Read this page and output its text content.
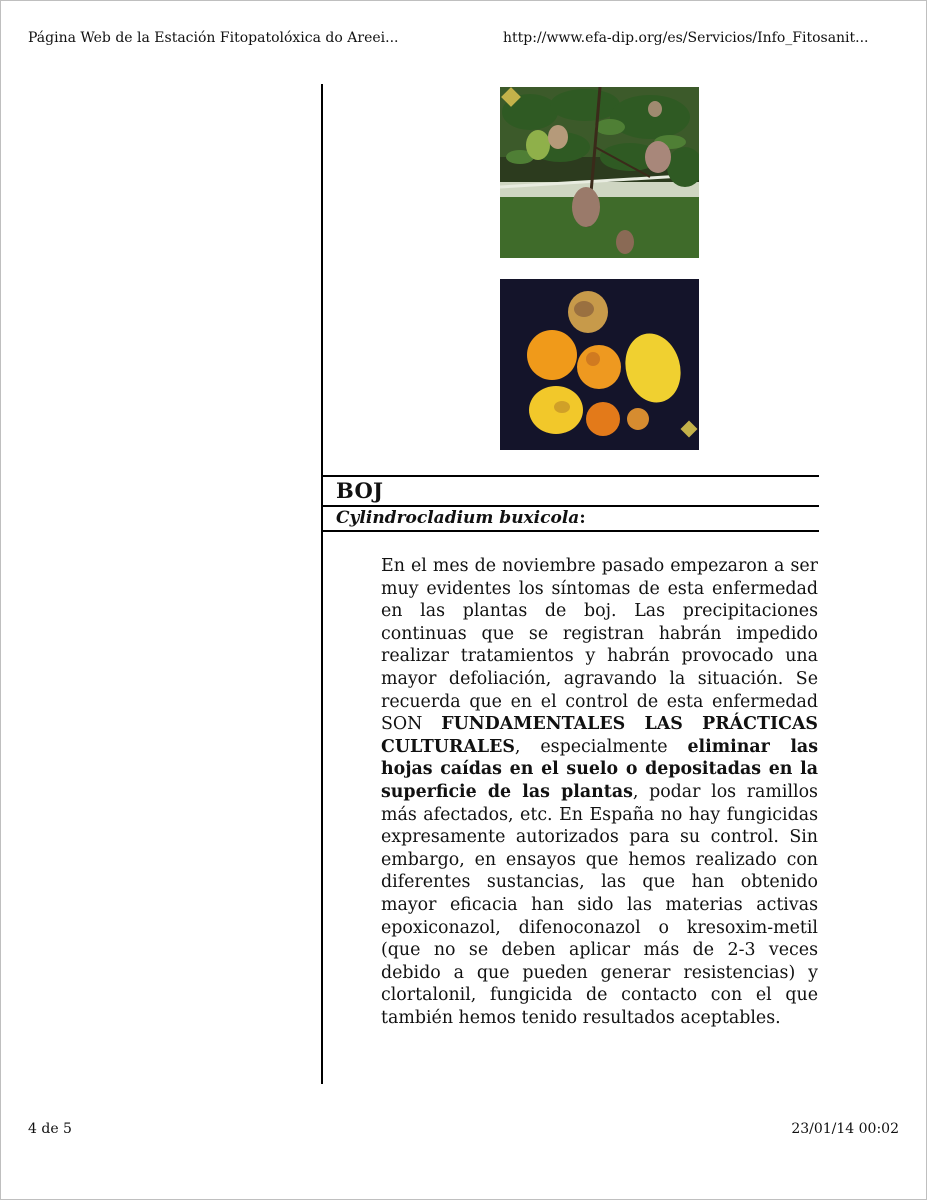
Página Web de la Estación Fitopatolóxica do Areei...	http://www.efa-dip.org/es/Servicios/Info_Fitosanit...
BOJ
Cylindrocladium buxicola:
En el mes de noviembre pasado empezaron a ser muy evidentes los síntomas de esta enfermedad en las plantas de boj. Las precipitaciones continuas que se registran habrán impedido realizar tratamientos y habrán provocado una mayor defoliación, agravando la situación. Se recuerda que en el control de esta enfermedad SON FUNDAMENTALES LAS PRÁCTICAS CULTURALES, especialmente eliminar las hojas caídas en el suelo o depositadas en la superficie de las plantas, podar los ramillos más afectados, etc. En España no hay fungicidas expresamente autorizados para su control. Sin embargo, en ensayos que hemos realizado con diferentes sustancias, las que han obtenido mayor eficacia han sido las materias activas epoxiconazol, difenoconazol o kresoxim-metil (que no se deben aplicar más de 2-3 veces debido a que pueden generar resistencias) y clortalonil, fungicida de contacto con el que también hemos tenido resultados aceptables.
4 de 5	23/01/14 00:02
